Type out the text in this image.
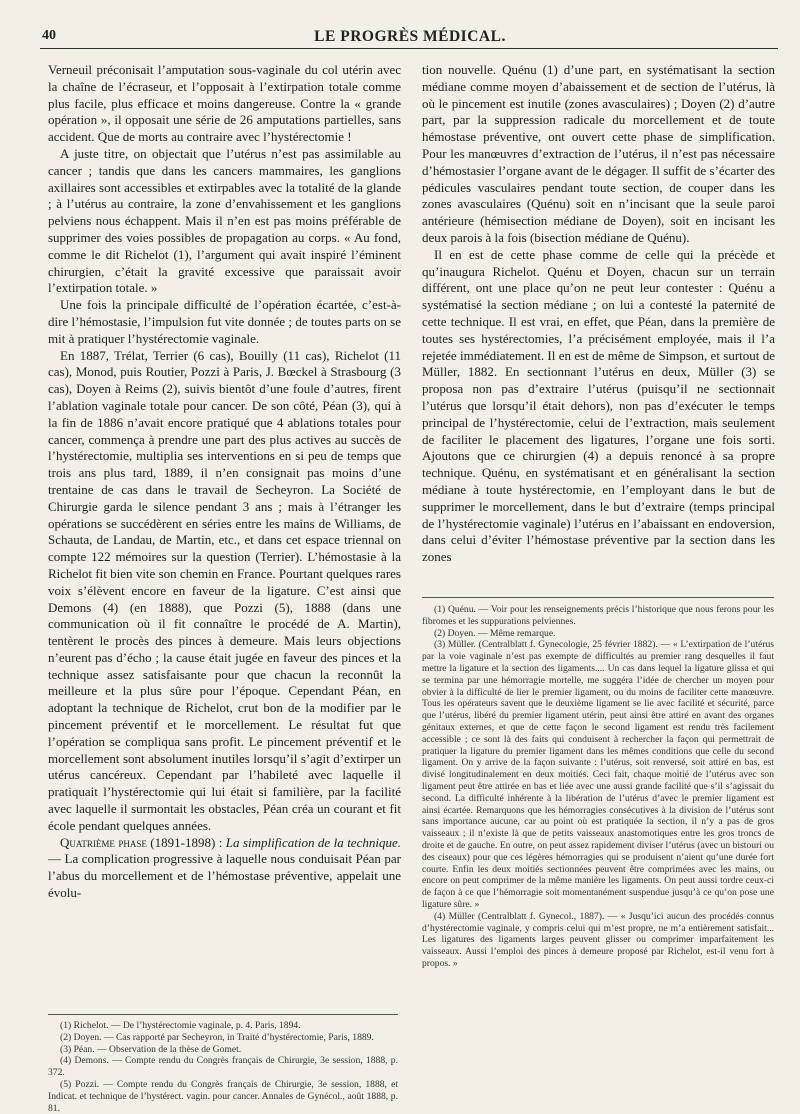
40	LE PROGRÈS MÉDICAL.

Verneuil préconisait l’amputation sous-vaginale du col utérin avec la chaîne de l’écraseur, et l’opposait à l’extirpation totale comme plus facile, plus efficace et moins dangereuse. Contre la « grande opération », il opposait une série de 26 amputations partielles, sans accident. Que de morts au contraire avec l’hystérectomie !

A juste titre, on objectait que l’utérus n’est pas assimilable au cancer ; tandis que dans les cancers mammaires, les ganglions axillaires sont accessibles et extirpables avec la totalité de la glande ; à l’utérus au contraire, la zone d’envahissement et les ganglions pelviens nous échappent. Mais il n’en est pas moins préférable de supprimer des voies possibles de propagation au corps. « Au fond, comme le dit Richelot (1), l’argument qui avait inspiré l’éminent chirurgien, c’était la gravité excessive que paraissait avoir l’extirpation totale. »

Une fois la principale difficulté de l’opération écartée, c’est-à-dire l’hémostasie, l’impulsion fut vite donnée ; de toutes parts on se mit à pratiquer l’hystérectomie vaginale.

En 1887, Trélat, Terrier (6 cas), Bouilly (11 cas), Richelot (11 cas), Monod, puis Routier, Pozzi à Paris, J. Bœckel à Strasbourg (3 cas), Doyen à Reims (2), suivis bientôt d’une foule d’autres, firent l’ablation vaginale totale pour cancer. De son côté, Péan (3), qui à la fin de 1886 n’avait encore pratiqué que 4 ablations totales pour cancer, commença à prendre une part des plus actives au succès de l’hystérectomie, multiplia ses interventions en si peu de temps que trois ans plus tard, 1889, il n’en consignait pas moins d’une trentaine de cas dans le travail de Secheyron. La Société de Chirurgie garda le silence pendant 3 ans ; mais à l’étranger les opérations se succédèrent en séries entre les mains de Williams, de Schauta, de Landau, de Martin, etc., et dans cet espace triennal on compte 122 mémoires sur la question (Terrier). L’hémostasie à la Richelot fit bien vite son chemin en France. Pourtant quelques rares voix s’élèvent encore en faveur de la ligature. C’est ainsi que Demons (4) (en 1888), que Pozzi (5), 1888 (dans une communication où il fit connaître le procédé de A. Martin), tentèrent le procès des pinces à demeure. Mais leurs objections n’eurent pas d’écho ; la cause était jugée en faveur des pinces et la technique assez satisfaisante pour que chacun la reconnût la meilleure et la plus sûre pour l’époque. Cependant Péan, en adoptant la technique de Richelot, crut bon de la modifier par le pincement préventif et le morcellement. Le résultat fut que l’opération se compliqua sans profit. Le pincement préventif et le morcellement sont absolument inutiles lorsqu’il s’agit d’extirper un utérus cancéreux. Cependant par l’habileté avec laquelle il pratiquait l’hystérectomie qui lui était si familière, par la facilité avec laquelle il surmontait les obstacles, Péan créa un courant et fit école pendant quelques années.

Quatrième phase (1891-1898) : La simplification de la technique. — La complication progressive à laquelle nous conduisait Péan par l’abus du morcellement et de l’hémostase préventive, appelait une évolu-

tion nouvelle. Quénu (1) d’une part, en systématisant la section médiane comme moyen d’abaissement et de section de l’utérus, là où le pincement est inutile (zones avasculaires) ; Doyen (2) d’autre part, par la suppression radicale du morcellement et de toute hémostase préventive, ont ouvert cette phase de simplification. Pour les manœuvres d’extraction de l’utérus, il n’est pas nécessaire d’hémostasier l’organe avant de le dégager. Il suffit de s’écarter des pédicules vasculaires pendant toute section, de couper dans les zones avasculaires (Quénu) soit en n’incisant que la seule paroi antérieure (hémisection médiane de Doyen), soit en incisant les deux parois à la fois (bisection médiane de Quénu).

Il en est de cette phase comme de celle qui la précède et qu’inaugura Richelot. Quénu et Doyen, chacun sur un terrain différent, ont une place qu’on ne peut leur contester : Quénu a systématisé la section médiane ; on lui a contesté la paternité de cette technique. Il est vrai, en effet, que Péan, dans la première de toutes ses hystérectomies, l’a précisément employée, mais il l’a rejetée immédiatement. Il en est de même de Simpson, et surtout de Müller, 1882. En sectionnant l’utérus en deux, Müller (3) se proposa non pas d’extraire l’utérus (puisqu’il ne sectionnait l’utérus que lorsqu’il était dehors), non pas d’exécuter le temps principal de l’hystérectomie, celui de l’extraction, mais seulement de faciliter le placement des ligatures, l’organe une fois sorti. Ajoutons que ce chirurgien (4) a depuis renoncé à sa propre technique. Quénu, en systématisant et en généralisant la section médiane à toute hystérectomie, en l’employant dans le but de supprimer le morcellement, dans le but d’extraire (temps principal de l’hystérectomie vaginale) l’utérus en l’abaissant en endoversion, dans celui d’éviter l’hémostase préventive par la section dans les zones

(1) Richelot. — De l’hystérectomie vaginale, p. 4. Paris, 1894.

(2) Doyen. — Cas rapporté par Secheyron, in Traité d’hystérectomie, Paris, 1889.

(3) Péan. — Observation de la thèse de Gomet.

(4) Demons. — Compte rendu du Congrès français de Chirurgie, 3e session, 1888, p. 372.

(5) Pozzi. — Compte rendu du Congrès français de Chirurgie, 3e session, 1888, et Indicat. et technique de l’hystérect. vagin. pour cancer. Annales de Gynécol., août 1888, p. 81.

(1) Quénu. — Voir pour les renseignements précis l’historique que nous ferons pour les fibromes et les suppurations pelviennes.

(2) Doyen. — Même remarque.

(3) Müller. (Centralblatt f. Gynecologie, 25 février 1882). — « L’extirpation de l’utérus par la voie vaginale n’est pas exempte de difficultés au premier rang desquelles il faut mettre la ligature et la section des ligaments.... Un cas dans lequel la ligature glissa et qui se termina par une hémorragie mortelle, me suggéra l’idée de chercher un moyen pour obvier à la difficulté de lier le premier ligament, ou du moins de faciliter cette manœuvre. Tous les opérateurs savent que le deuxième ligament se lie avec facilité et sécurité, parce que l’utérus, libéré du premier ligament utérin, peut ainsi être attiré en avant des organes génitaux externes, et que de cette façon le second ligament est rendu très facilement accessible ; ce sont là des faits qui conduisent à rechercher la façon qui permettrait de pratiquer la ligature du premier ligament dans les mêmes conditions que celle du second ligament. On y arrive de la façon suivante : l’utérus, soit renversé, soit attiré en bas, est divisé longitudinalement en deux moitiés. Ceci fait, chaque moitié de l’utérus avec son ligament peut être attirée en bas et liée avec une aussi grande facilité que s’il s’agissait du second. La difficulté inhérente à la libération de l’utérus d’avec le premier ligament est ainsi écartée. Remarquons que les hémorragies consécutives à la division de l’utérus sont sans importance aucune, car au point où est pratiquée la section, il n’y a pas de gros vaisseaux ; il n’existe là que de petits vaisseaux anastomotiques entre les gros troncs de droite et de gauche. En outre, on peut assez rapidement diviser l’utérus (avec un bistouri ou des ciseaux) pour que ces légères hémorragies qui se produisent n’aient qu’une durée fort courte. Enfin les deux moitiés sectionnées peuvent être comprimées avec les mains, ou encore on peut comprimer de la même manière les ligaments. On peut aussi tordre ceux-ci de façon à ce que l’hémorragie soit momentanément suspendue jusqu’à ce qu’on pose une ligature sûre. »

(4) Müller (Centralblatt f. Gynecol., 1887). — « Jusqu’ici aucun des procédés connus d’hystérectomie vaginale, y compris celui qui m’est propre, ne m’a entièrement satisfait... Les ligatures des ligaments larges peuvent glisser ou comprimer imparfaitement les vaisseaux. Aussi l’emploi des pinces à demeure proposé par Richelot, est-il venu fort à propos. »
